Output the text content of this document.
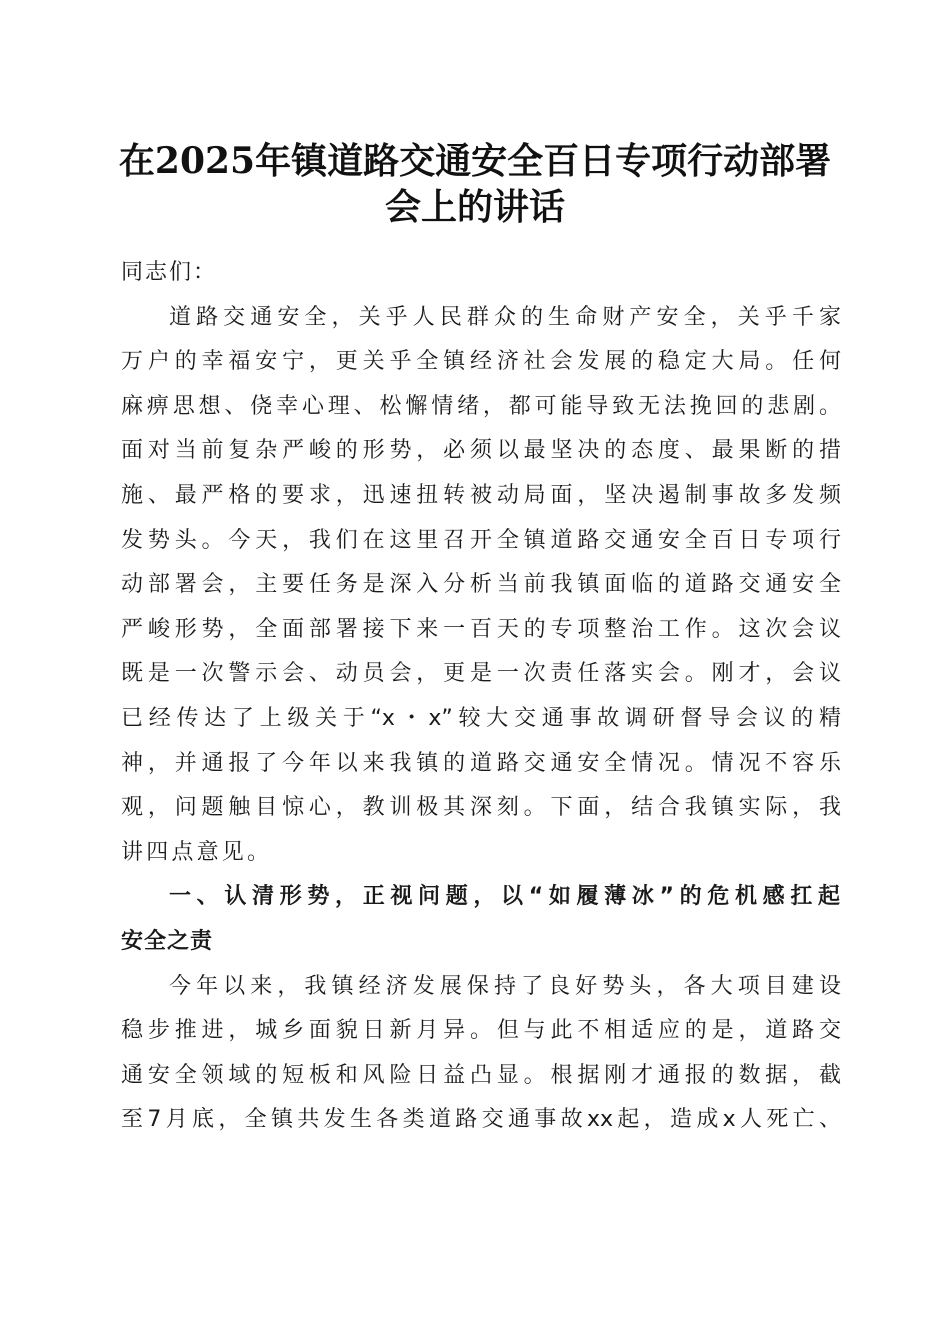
在2025年镇道路交通安全百日专项行动部署
会上的讲话
同志们：
道路交通安全，关乎人民群众的生命财产安全，关乎千家
万户的幸福安宁，更关乎全镇经济社会发展的稳定大局。任何
麻痹思想、侥幸心理、松懈情绪，都可能导致无法挽回的悲剧。
面对当前复杂严峻的形势，必须以最坚决的态度、最果断的措
施、最严格的要求，迅速扭转被动局面，坚决遏制事故多发频
发势头。今天，我们在这里召开全镇道路交通安全百日专项行
动部署会，主要任务是深入分析当前我镇面临的道路交通安全
严峻形势，全面部署接下来一百天的专项整治工作。这次会议
既是一次警示会、动员会，更是一次责任落实会。刚才，会议
已经传达了上级关于“x・x”较大交通事故调研督导会议的精
神，并通报了今年以来我镇的道路交通安全情况。情况不容乐
观，问题触目惊心，教训极其深刻。下面，结合我镇实际，我
讲四点意见。
一、认清形势，正视问题，以“如履薄冰”的危机感扛起
安全之责
今年以来，我镇经济发展保持了良好势头，各大项目建设
稳步推进，城乡面貌日新月异。但与此不相适应的是，道路交
通安全领域的短板和风险日益凸显。根据刚才通报的数据，截
至7月底，全镇共发生各类道路交通事故xx起，造成x人死亡、
